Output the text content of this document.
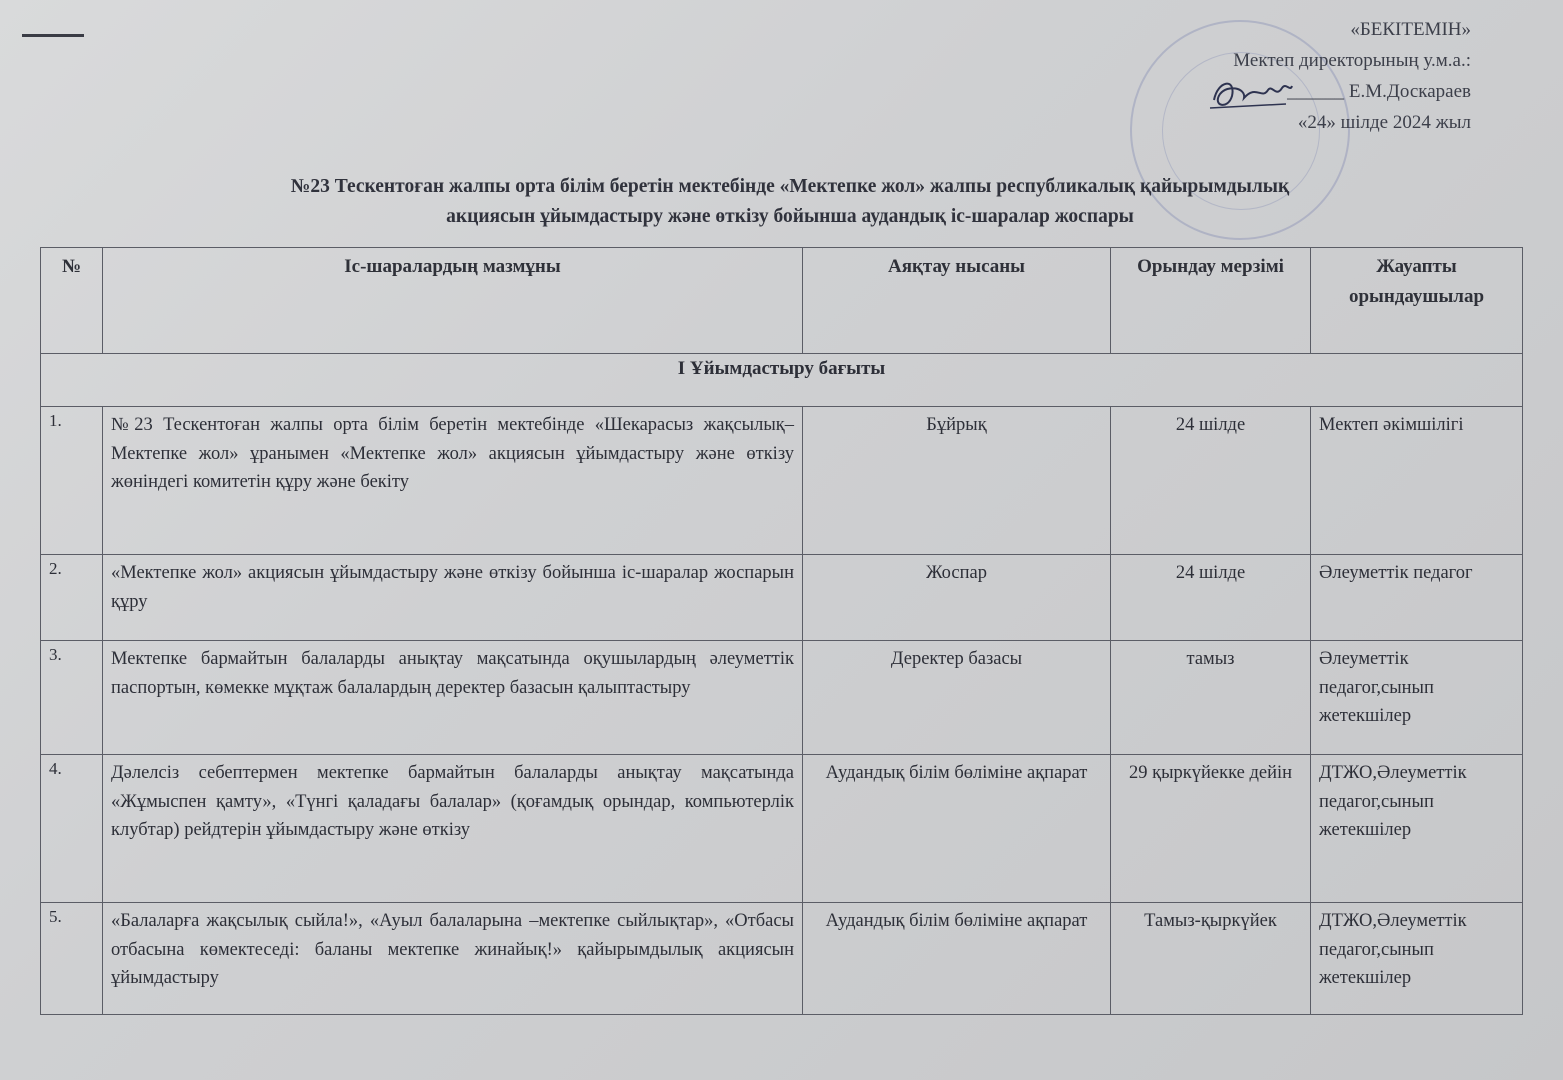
«БЕКІТЕМІН»
Мектеп директорының у.м.а.:
______ Е.М.Доскараев
«24» шілде 2024 жыл
№23 Тескентоған жалпы орта білім беретін мектебінде «Мектепке жол» жалпы республикалық қайырымдылық
акциясын ұйымдастыру және өткізу бойынша аудандық іс-шаралар жоспары
№	Іс-шаралардың мазмұны	Аяқтау нысаны	Орындау мерзімі	Жауапты орындаушылар
I Ұйымдастыру бағыты				
1.	№23 Тескентоған жалпы орта білім беретін мектебінде «Шекарасыз жақсылық–Мектепке жол» ұранымен «Мектепке жол» акциясын ұйымдастыру және өткізу жөніндегі комитетін құру және бекіту	Бұйрық	24 шілде	Мектеп әкімшілігі
2.	«Мектепке жол» акциясын ұйымдастыру және өткізу бойынша іс-шаралар жоспарын құру	Жоспар	24 шілде	Әлеуметтік педагог
3.	Мектепке бармайтын балаларды анықтау мақсатында оқушылардың әлеуметтік паспортын, көмекке мұқтаж балалардың деректер базасын қалыптастыру	Деректер базасы	тамыз	Әлеуметтік педагог,сынып жетекшілер
4.	Дәлелсіз себептермен мектепке бармайтын балаларды анықтау мақсатында «Жұмыспен қамту», «Түнгі қаладағы балалар» (қоғамдық орындар, компьютерлік клубтар) рейдтерін ұйымдастыру және өткізу	Аудандық білім бөліміне ақпарат	29 қыркүйекке дейін	ДТЖО,Әлеуметтік педагог,сынып жетекшілер
5.	«Балаларға жақсылық сыйла!», «Ауыл балаларына –мектепке сыйлықтар», «Отбасы отбасына көмектеседі: баланы мектепке жинайық!» қайырымдылық акциясын ұйымдастыру	Аудандық білім бөліміне ақпарат	Тамыз-қыркүйек	ДТЖО,Әлеуметтік педагог,сынып жетекшілер
